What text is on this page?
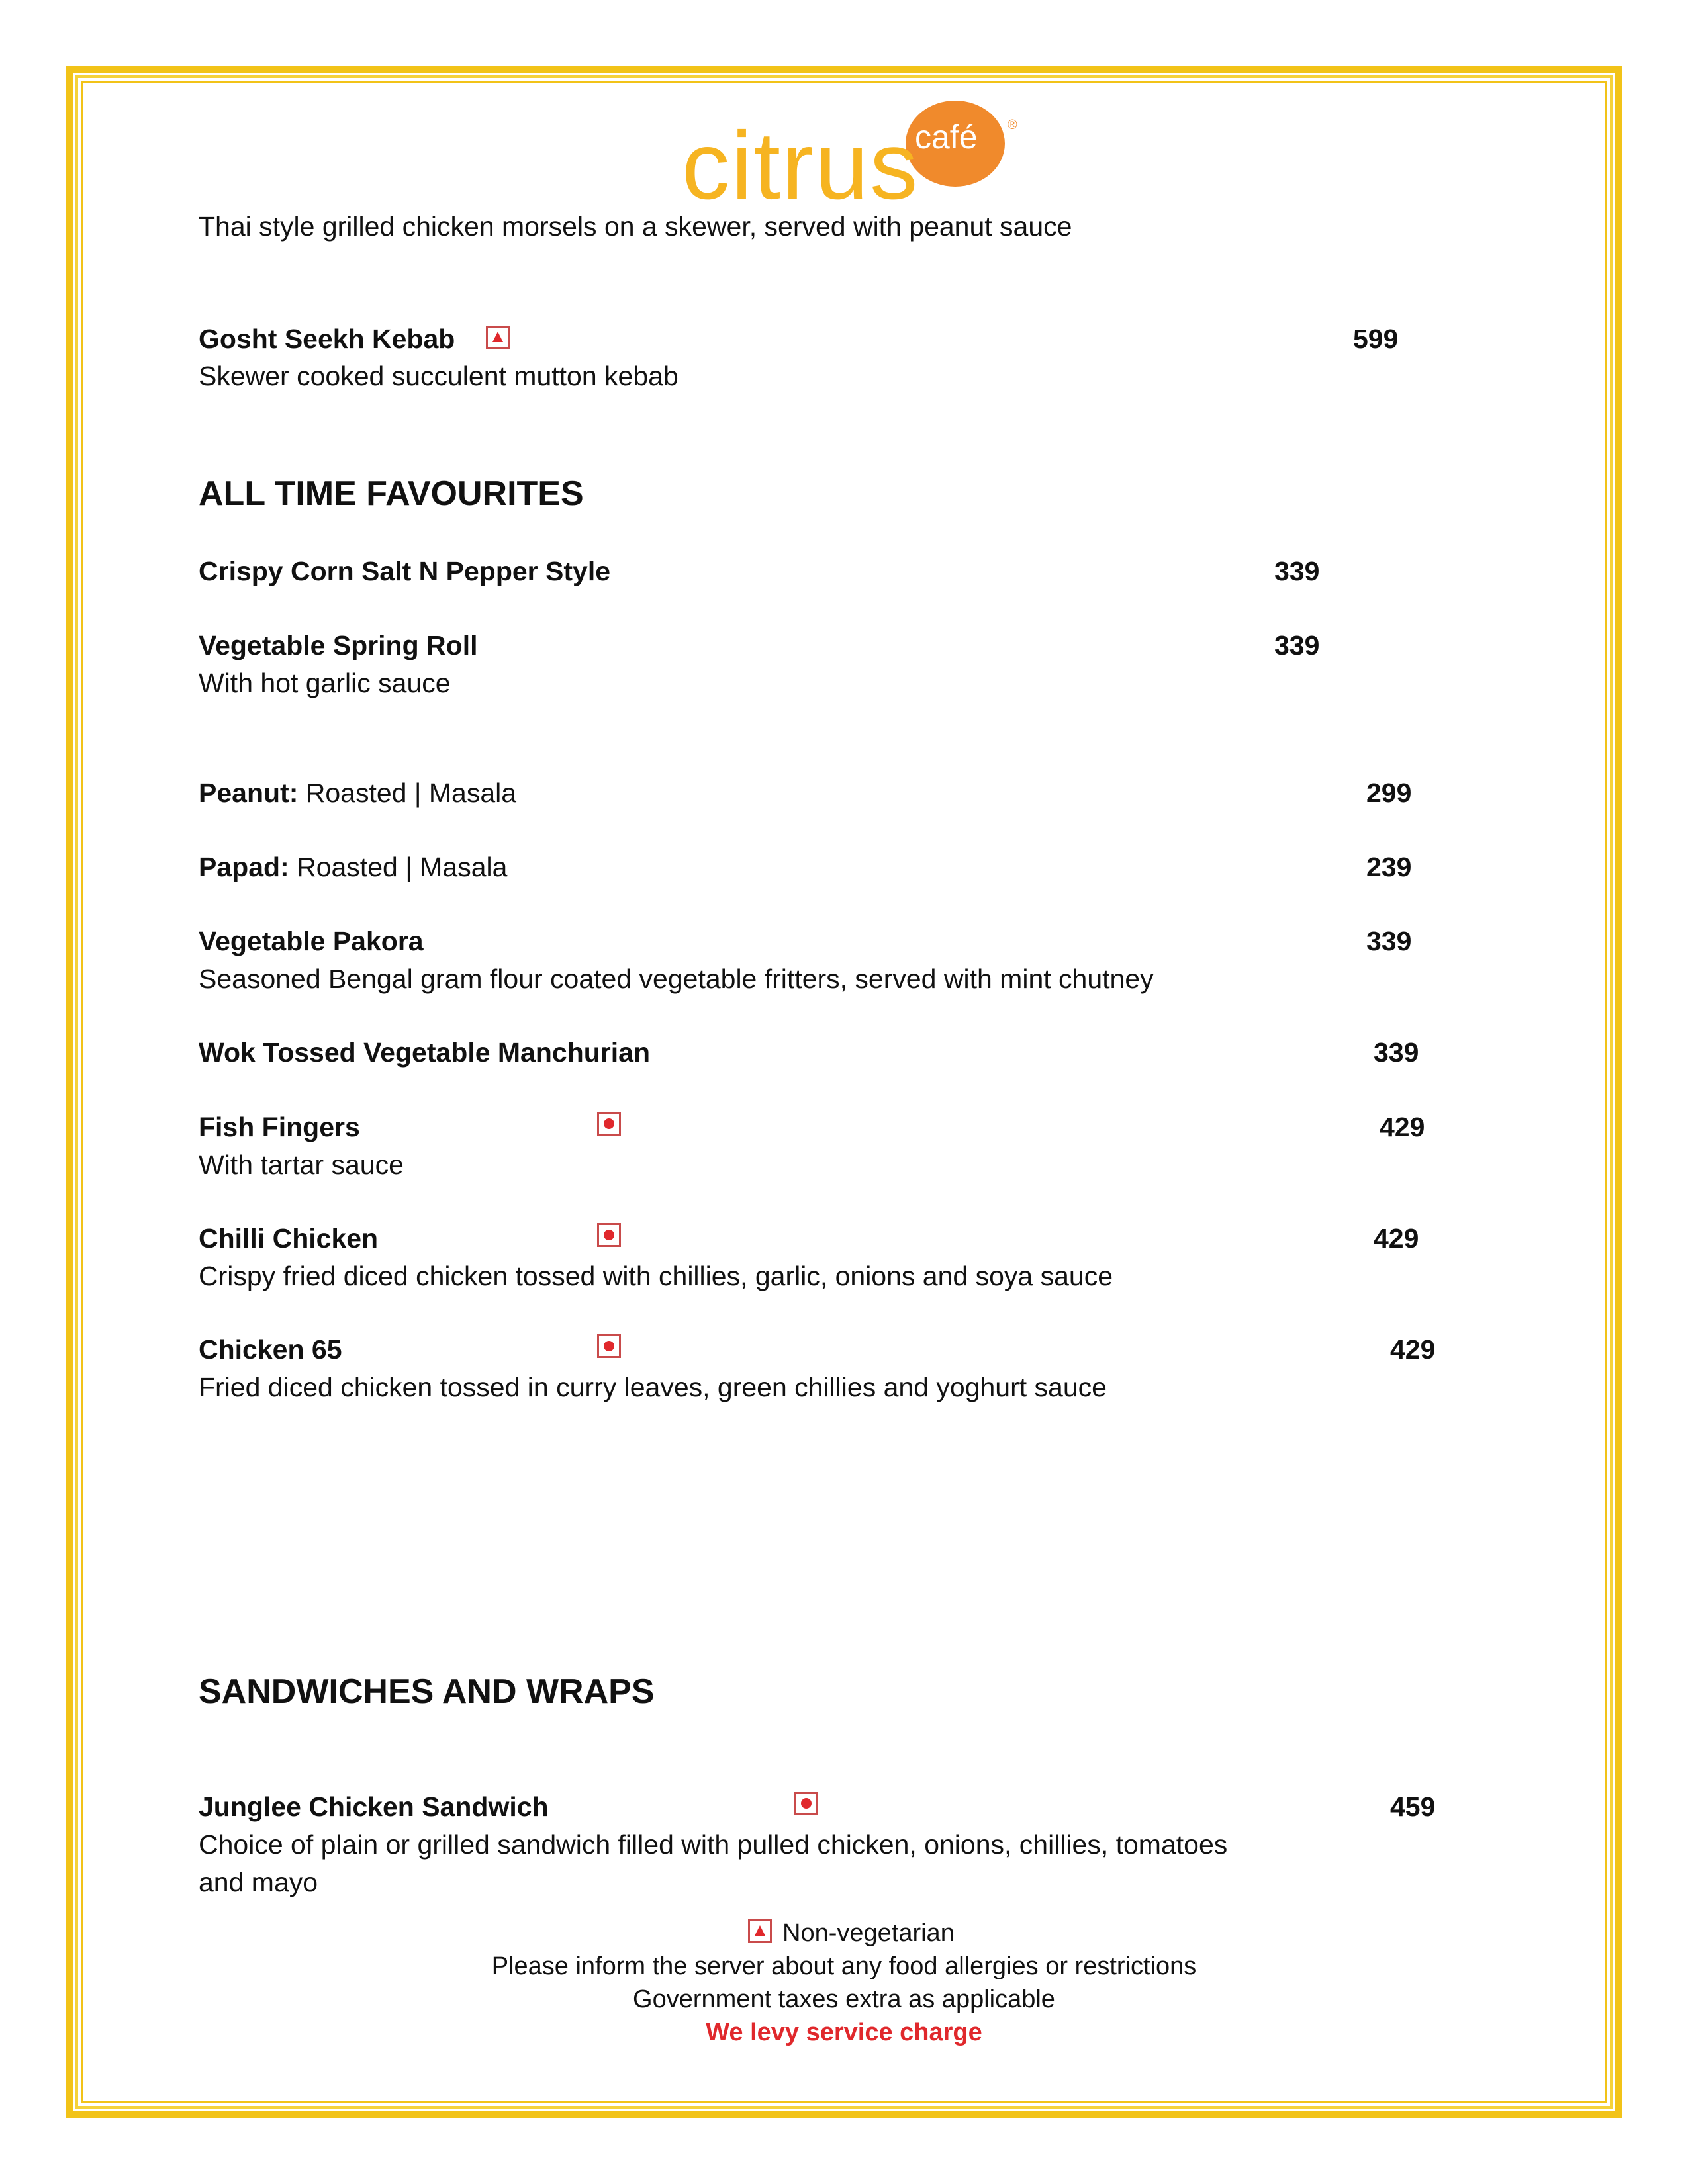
citrus
café ®
Thai style grilled chicken morsels on a skewer, served with peanut sauce
Gosht Seekh Kebab	599
Skewer cooked succulent mutton kebab
ALL TIME FAVOURITES
Crispy Corn Salt N Pepper Style	339
Vegetable Spring Roll	339
With hot garlic sauce
Peanut: Roasted | Masala	299
Papad: Roasted | Masala	239
Vegetable Pakora	339
Seasoned Bengal gram flour coated vegetable fritters, served with mint chutney
Wok Tossed Vegetable Manchurian	339
Fish Fingers	429
With tartar sauce
Chilli Chicken	429
Crispy fried diced chicken tossed with chillies, garlic, onions and soya sauce
Chicken 65	429
Fried diced chicken tossed in curry leaves, green chillies and yoghurt sauce
SANDWICHES AND WRAPS
Junglee Chicken Sandwich	459
Choice of plain or grilled sandwich filled with pulled chicken, onions, chillies, tomatoes
and mayo
Non-vegetarian
Please inform the server about any food allergies or restrictions
Government taxes extra as applicable
We levy service charge
